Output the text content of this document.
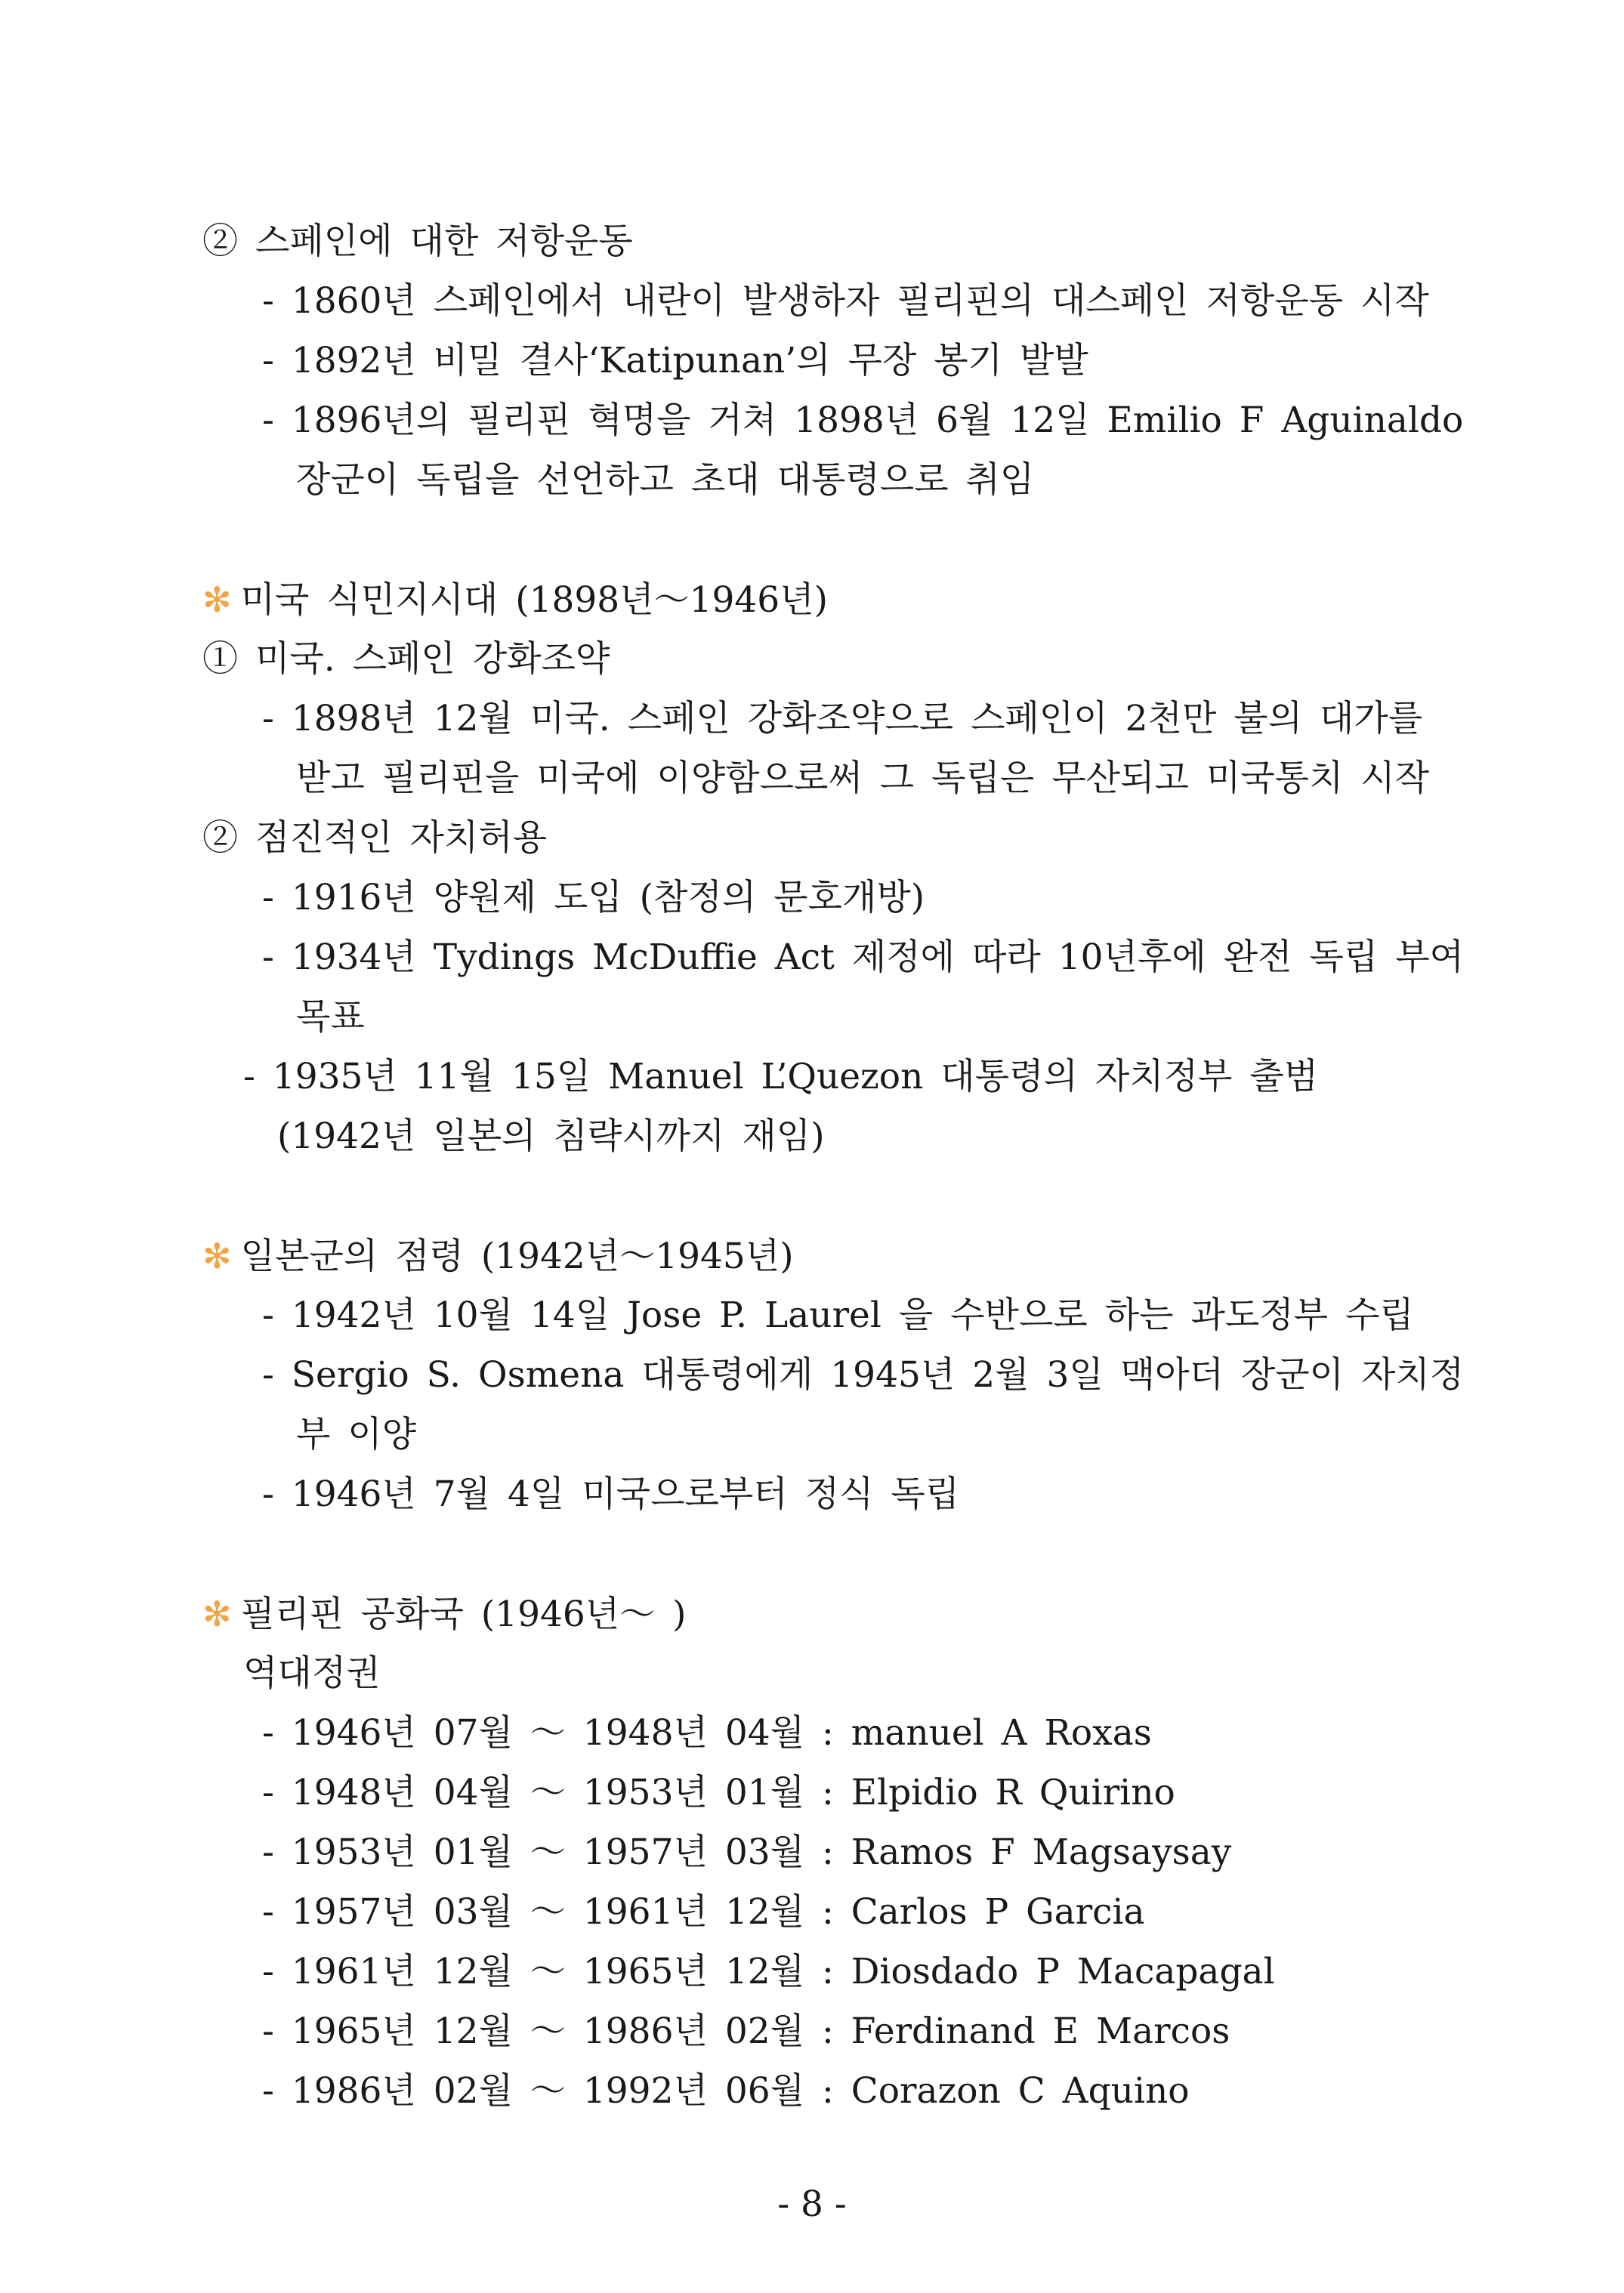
② 스페인에 대한 저항운동
- 1860년 스페인에서 내란이 발생하자 필리핀의 대스페인 저항운동 시작
- 1892년 비밀 결사‘Katipunan’의 무장 봉기 발발
- 1896년의 필리핀 혁명을 거쳐 1898년 6월 12일 Emilio F Aguinaldo
장군이 독립을 선언하고 초대 대통령으로 취임
✻ 미국 식민지시대 (1898년～1946년)
① 미국. 스페인 강화조약
- 1898년 12월 미국. 스페인 강화조약으로 스페인이 2천만 불의 대가를
받고 필리핀을 미국에 이양함으로써 그 독립은 무산되고 미국통치 시작
② 점진적인 자치허용
- 1916년 양원제 도입 (참정의 문호개방)
- 1934년 Tydings McDuffie Act 제정에 따라 10년후에 완전 독립 부여
목표
- 1935년 11월 15일 Manuel L’Quezon 대통령의 자치정부 출범
(1942년 일본의 침략시까지 재임)
✻ 일본군의 점령 (1942년～1945년)
- 1942년 10월 14일 Jose P. Laurel 을 수반으로 하는 과도정부 수립
- Sergio S. Osmena 대통령에게 1945년 2월 3일 맥아더 장군이 자치정
부 이양
- 1946년 7월 4일 미국으로부터 정식 독립
✻ 필리핀 공화국 (1946년～ )
역대정권
- 1946년 07월 ～ 1948년 04월 : manuel A Roxas
- 1948년 04월 ～ 1953년 01월 : Elpidio R Quirino
- 1953년 01월 ～ 1957년 03월 : Ramos F Magsaysay
- 1957년 03월 ～ 1961년 12월 : Carlos P Garcia
- 1961년 12월 ～ 1965년 12월 : Diosdado P Macapagal
- 1965년 12월 ～ 1986년 02월 : Ferdinand E Marcos
- 1986년 02월 ～ 1992년 06월 : Corazon C Aquino
- 8 -
